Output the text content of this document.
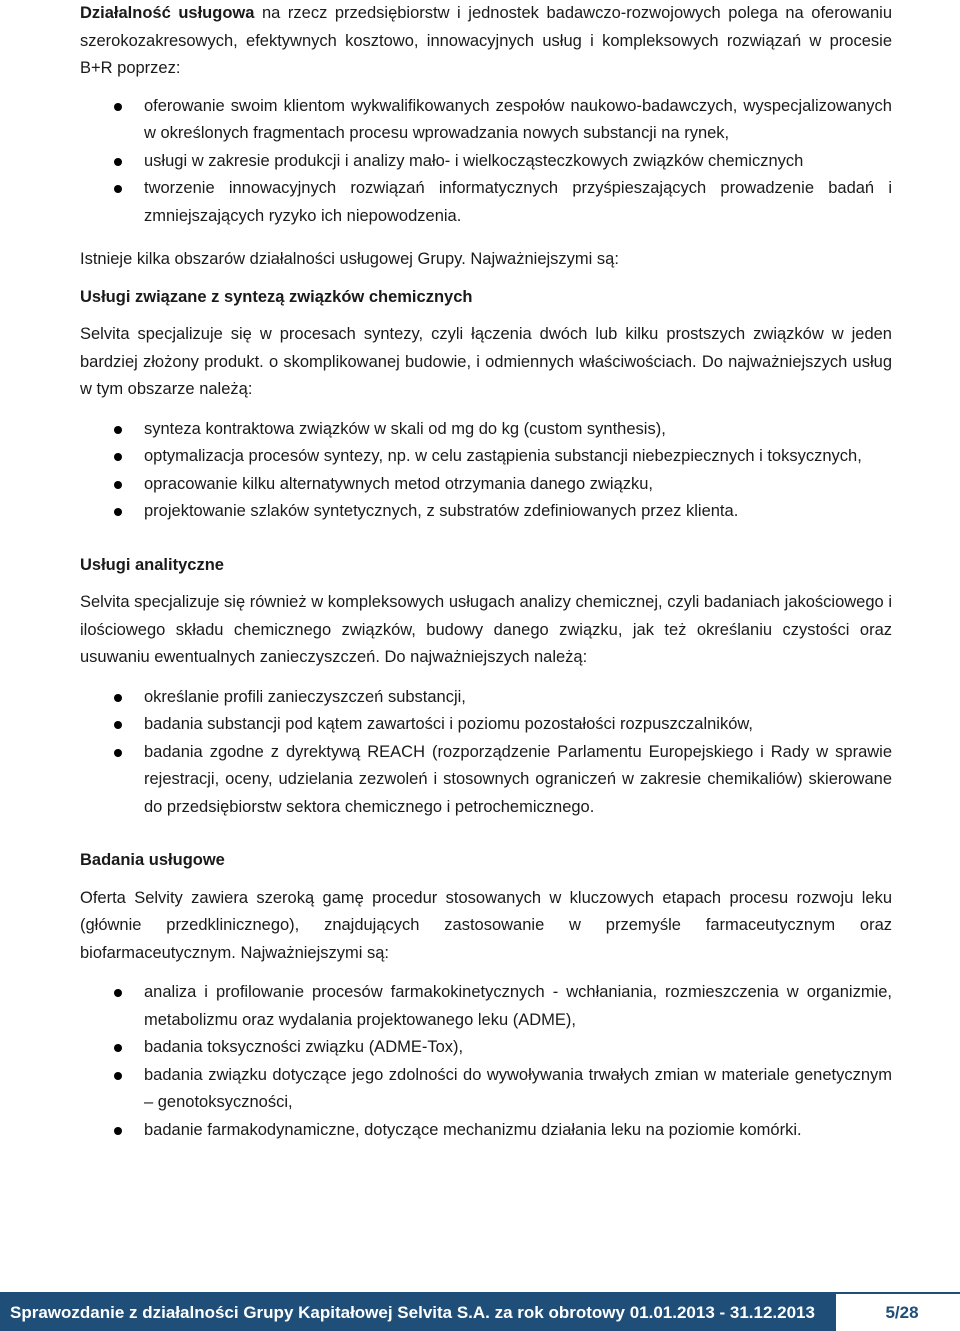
Działalność usługowa na rzecz przedsiębiorstw i jednostek badawczo-rozwojowych polega na oferowaniu szerokozakresowych, efektywnych kosztowo, innowacyjnych usług i kompleksowych rozwiązań w procesie B+R poprzez:

oferowanie swoim klientom wykwalifikowanych zespołów naukowo-badawczych, wyspecjalizowanych w określonych fragmentach procesu wprowadzania nowych substancji na rynek,
usługi w zakresie produkcji i analizy mało- i wielkocząsteczkowych związków chemicznych
tworzenie innowacyjnych rozwiązań informatycznych przyśpieszających prowadzenie badań i zmniejszających ryzyko ich niepowodzenia.

Istnieje kilka obszarów działalności usługowej Grupy. Najważniejszymi są:

Usługi związane z syntezą związków chemicznych

Selvita specjalizuje się w procesach syntezy, czyli łączenia dwóch lub kilku prostszych związków w jeden bardziej złożony produkt. o skomplikowanej budowie, i odmiennych właściwościach. Do najważniejszych usług w tym obszarze należą:

synteza kontraktowa związków w skali od mg do kg (custom synthesis),
optymalizacja procesów syntezy, np. w celu zastąpienia substancji niebezpiecznych i toksycznych,
opracowanie kilku alternatywnych metod otrzymania danego związku,
projektowanie szlaków syntetycznych, z substratów zdefiniowanych przez klienta.
Usługi analityczne

Selvita specjalizuje się również w kompleksowych usługach analizy chemicznej, czyli badaniach jakościowego i ilościowego składu chemicznego związków, budowy danego związku, jak też określaniu czystości oraz usuwaniu ewentualnych zanieczyszczeń. Do najważniejszych należą:

określanie profili zanieczyszczeń substancji,
badania substancji pod kątem zawartości i poziomu pozostałości rozpuszczalników,
badania zgodne z dyrektywą REACH (rozporządzenie Parlamentu Europejskiego i Rady w sprawie rejestracji, oceny, udzielania zezwoleń i stosownych ograniczeń w zakresie chemikaliów) skierowane do przedsiębiorstw sektora chemicznego i petrochemicznego.
Badania usługowe

Oferta Selvity zawiera szeroką gamę procedur stosowanych w kluczowych etapach procesu rozwoju leku (głównie przedklinicznego), znajdujących zastosowanie w przemyśle farmaceutycznym oraz biofarmaceutycznym. Najważniejszymi są:

analiza i profilowanie procesów farmakokinetycznych - wchłaniania, rozmieszczenia w organizmie, metabolizmu oraz wydalania projektowanego leku (ADME),
badania toksyczności związku (ADME-Tox),
badania związku dotyczące jego zdolności do wywoływania trwałych zmian w materiale genetycznym – genotoksyczności,
badanie farmakodynamiczne, dotyczące mechanizmu działania leku na poziomie komórki.
Sprawozdanie z działalności Grupy Kapitałowej Selvita S.A. za rok obrotowy 01.01.2013 - 31.12.2013	5/28
